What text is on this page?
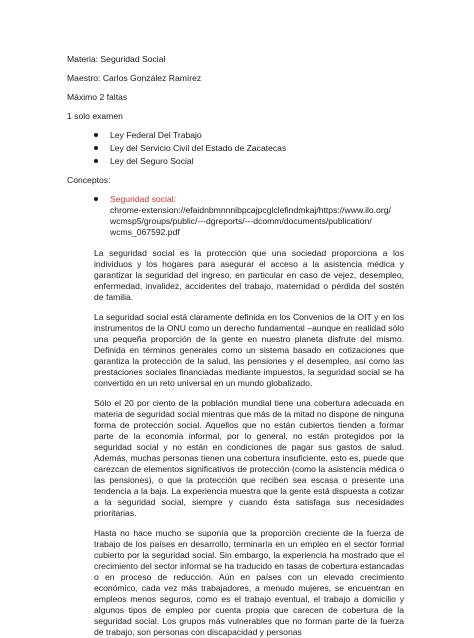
Materia: Seguridad Social
Maestro: Carlos González Ramírez
Máximo 2 faltas
1 solo examen
Ley Federal Del Trabajo
Ley del Servicio Civil del Estado de Zacatecas
Ley del Seguro Social
Conceptos:
Seguridad social:
chrome-extension://efaidnbmnnnibpcajpcglclefindmkaj/https://www.ilo.org/
wcmsp5/groups/public/---dgreports/---dcomm/documents/publication/
wcms_067592.pdf

La seguridad social es la protección que una sociedad proporciona a los individuos y los hogares para asegurar el acceso a la asistencia médica y garantizar la seguridad del ingreso, en particular en caso de vejez, desempleo, enfermedad, invalidez, accidentes del trabajo, maternidad o pérdida del sostén de familia.

La seguridad social está claramente definida en los Convenios de la OIT y en los instrumentos de la ONU como un derecho fundamental –aunque en realidad sólo una pequeña proporción de la gente en nuestro planeta disfrute del mismo. Definida en términos generales como un sistema basado en cotizaciones que garantiza la protección de la salud, las pensiones y el desempleo, así como las prestaciones sociales financiadas mediante impuestos, la seguridad social se ha convertido en un reto universal en un mundo globalizado.

Sólo el 20 por ciento de la población mundial tiene una cobertura adecuada en materia de seguridad social mientras que más de la mitad no dispone de ninguna forma de protección social. Aquellos que no están cubiertos tienden a formar parte de la economía informal, por lo general, no están protegidos por la seguridad social y no están en condiciones de pagar sus gastos de salud. Además, muchas personas tienen una cobertura insuficiente, esto es, puede que carezcan de elementos significativos de protección (como la asistencia médica o las pensiones), o que la protección que reciben sea escasa o presente una tendencia a la baja. La experiencia muestra que la gente está dispuesta a cotizar a la seguridad social, siempre y cuando ésta satisfaga sus necesidades prioritarias.

Hasta no hace mucho se suponía que la proporción creciente de la fuerza de trabajo de los países en desarrollo, terminaría en un empleo en el sector formal cubierto por la seguridad social. Sin embargo, la experiencia ha mostrado que el crecimiento del sector informal se ha traducido en tasas de cobertura estancadas o en proceso de reducción. Aún en países con un elevado crecimiento económico, cada vez más trabajadores, a menudo mujeres, se encuentran en empleos menos seguros, como es el trabajo eventual, el trabajo a domicilio y algunos tipos de empleo por cuenta propia que carecen de cobertura de la seguridad social. Los grupos más vulnerables que no forman parte de la fuerza de trabajo, son personas con discapacidad y personas
